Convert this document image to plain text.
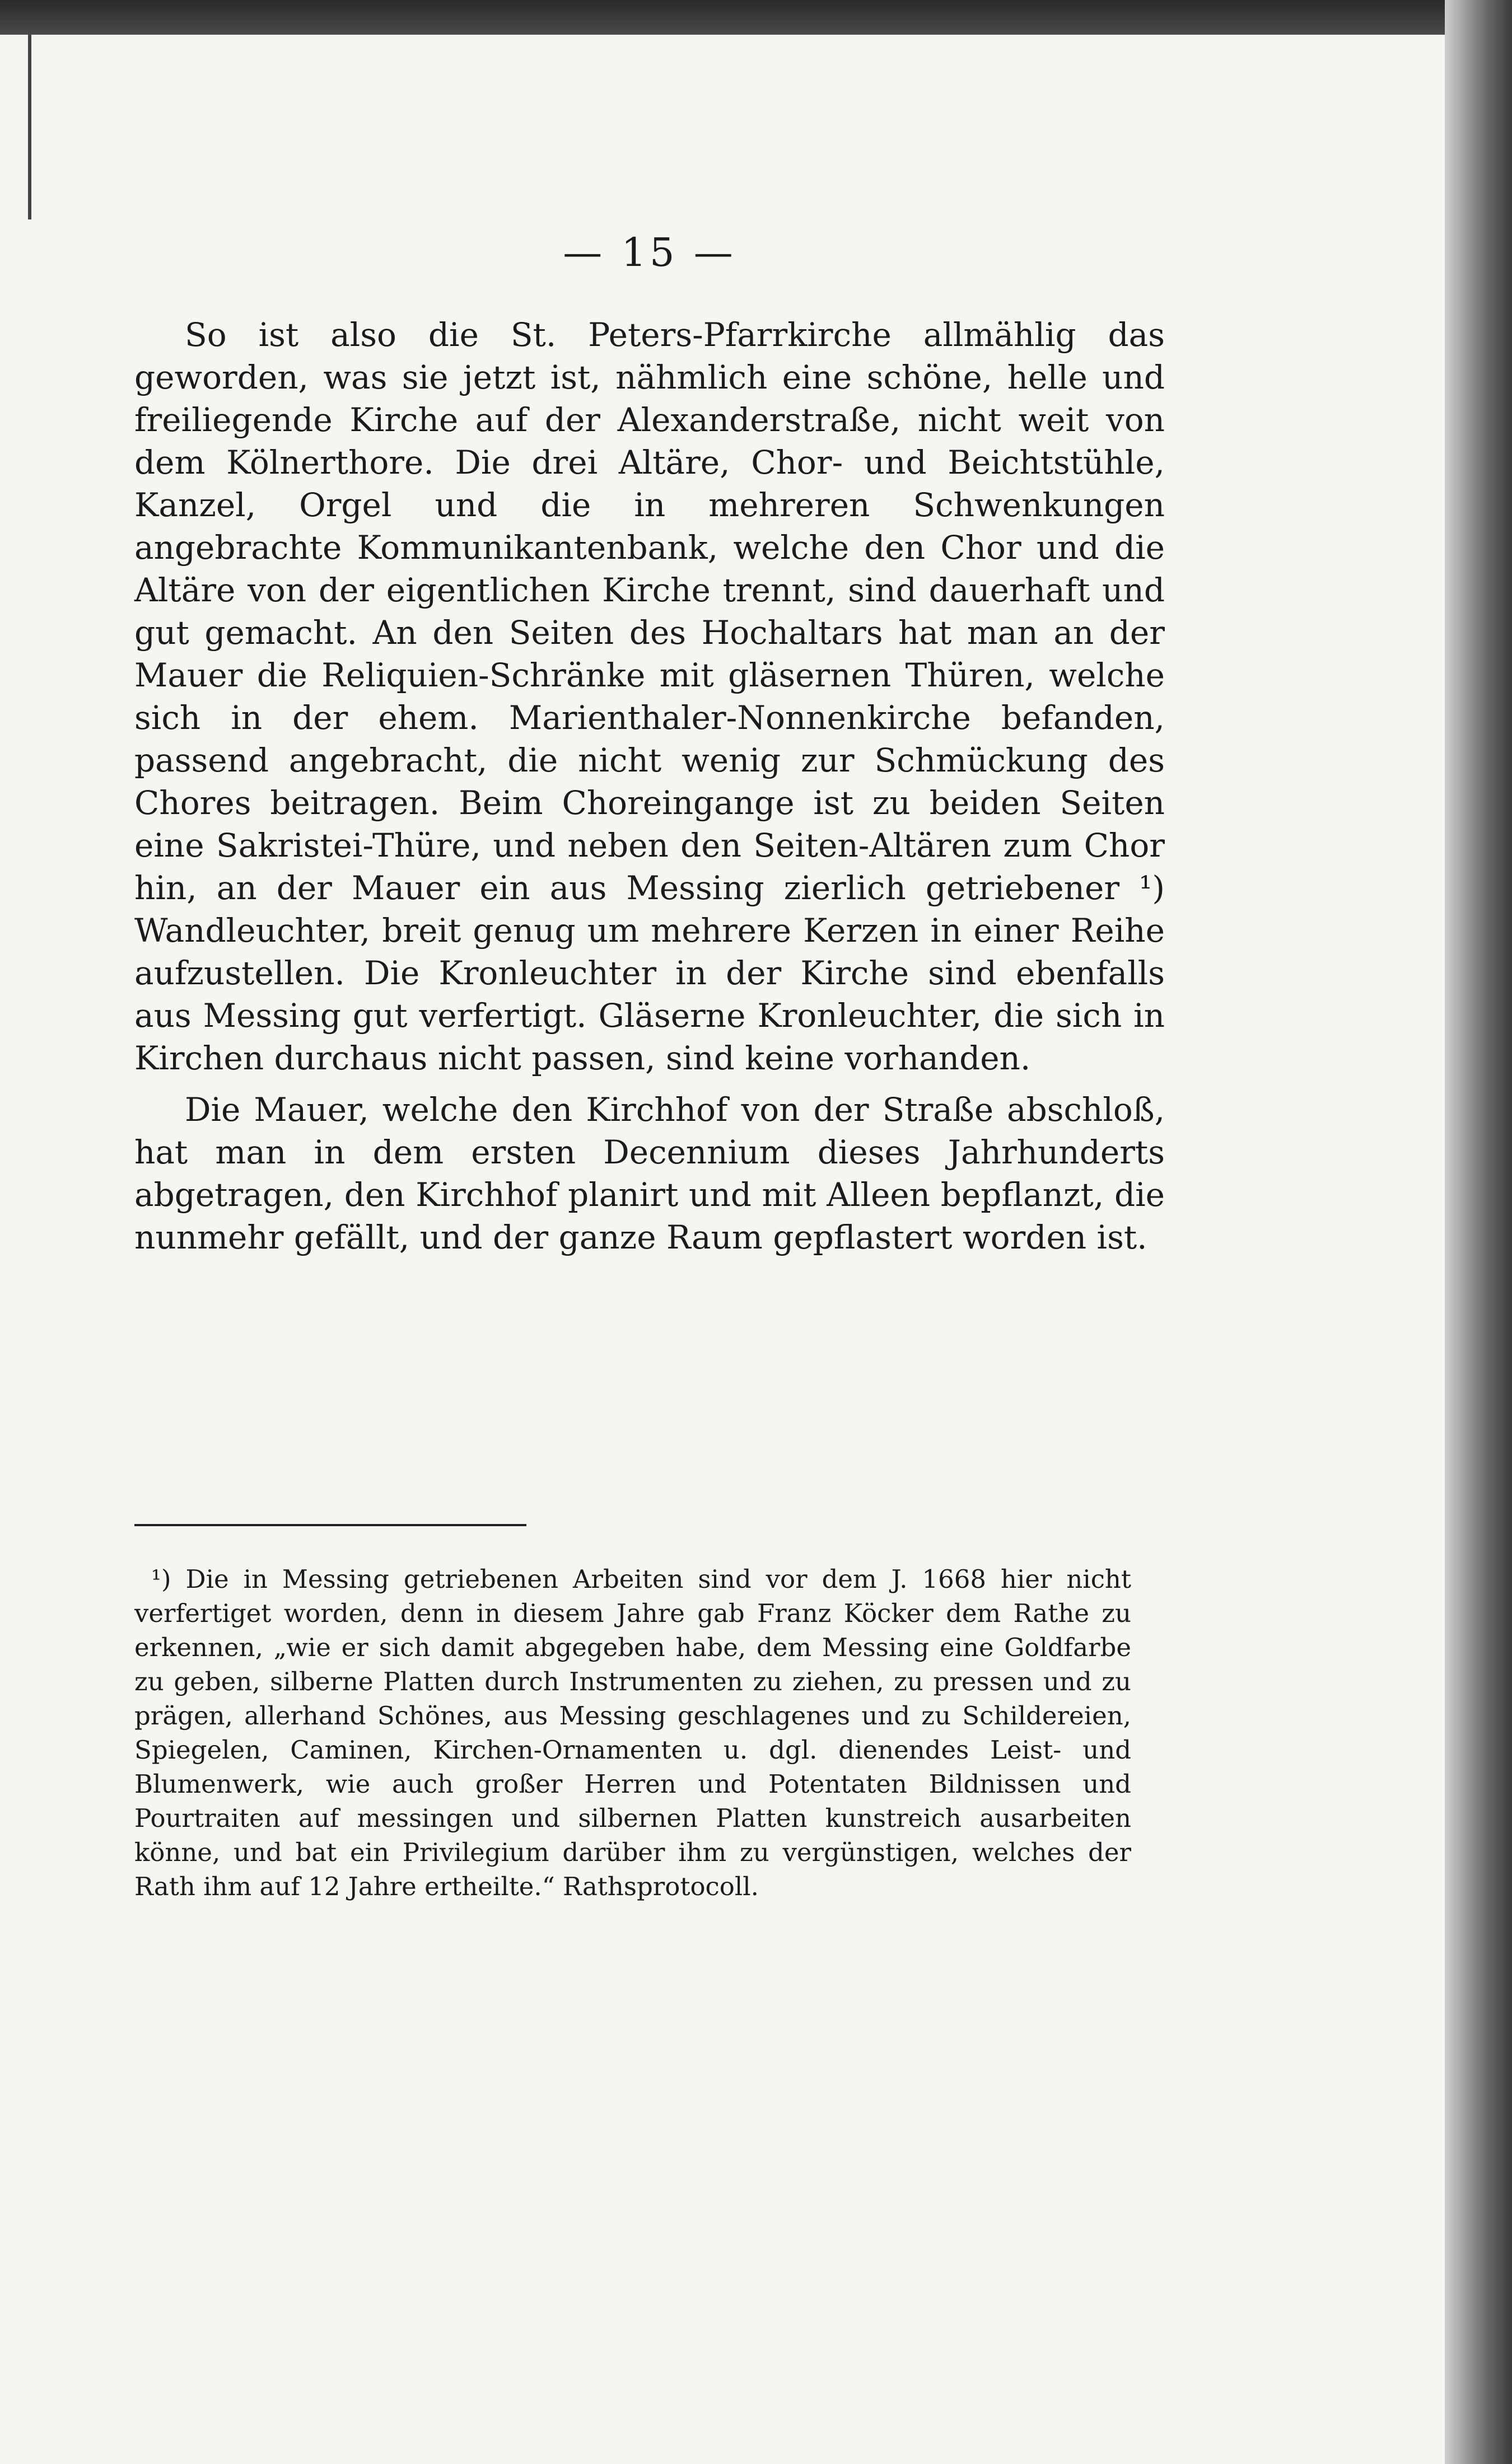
— 15 —

So ist also die St. Peters-Pfarrkirche allmählig das geworden, was sie jetzt ist, nähmlich eine schöne, helle und freiliegende Kirche auf der Alexanderstraße, nicht weit von dem Kölnerthore. Die drei Altäre, Chor- und Beichtstühle, Kanzel, Orgel und die in mehreren Schwenkungen angebrachte Kommunikantenbank, welche den Chor und die Altäre von der eigentlichen Kirche trennt, sind dauerhaft und gut gemacht. An den Seiten des Hochaltars hat man an der Mauer die Reliquien-Schränke mit gläsernen Thüren, welche sich in der ehem. Marienthaler-Nonnenkirche befanden, passend angebracht, die nicht wenig zur Schmückung des Chores beitragen. Beim Choreingange ist zu beiden Seiten eine Sakristei-Thüre, und neben den Seiten-Altären zum Chor hin, an der Mauer ein aus Messing zierlich getriebener ¹) Wandleuchter, breit genug um mehrere Kerzen in einer Reihe aufzustellen. Die Kronleuchter in der Kirche sind ebenfalls aus Messing gut verfertigt. Gläserne Kronleuchter, die sich in Kirchen durchaus nicht passen, sind keine vorhanden.

Die Mauer, welche den Kirchhof von der Straße abschloß, hat man in dem ersten Decennium dieses Jahrhunderts abgetragen, den Kirchhof planirt und mit Alleen bepflanzt, die nunmehr gefällt, und der ganze Raum gepflastert worden ist.

¹) Die in Messing getriebenen Arbeiten sind vor dem J. 1668 hier nicht verfertiget worden, denn in diesem Jahre gab Franz Köcker dem Rathe zu erkennen, „wie er sich damit abgegeben habe, dem Messing eine Goldfarbe zu geben, silberne Platten durch Instrumenten zu ziehen, zu pressen und zu prägen, allerhand Schönes, aus Messing geschlagenes und zu Schildereien, Spiegelen, Caminen, Kirchen-Ornamenten u. dgl. dienendes Leist- und Blumenwerk, wie auch großer Herren und Potentaten Bildnissen und Pourtraiten auf messingen und silbernen Platten kunstreich ausarbeiten könne, und bat ein Privilegium darüber ihm zu vergünstigen, welches der Rath ihm auf 12 Jahre ertheilte.“ Rathsprotocoll.
